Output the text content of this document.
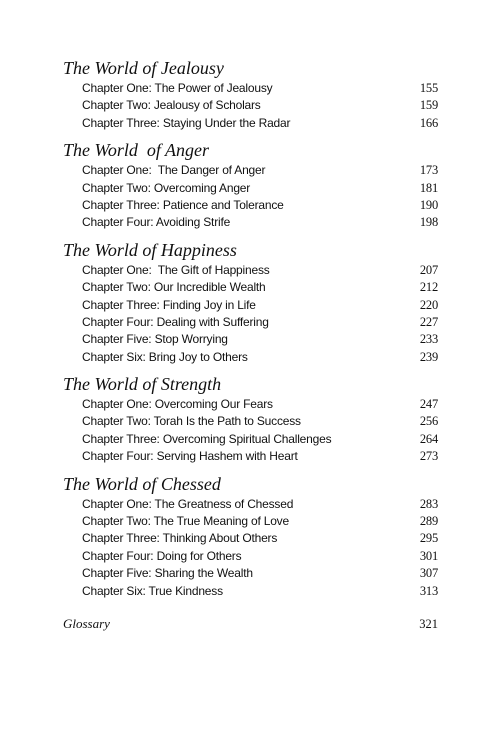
The World of Jealousy
Chapter One: The Power of Jealousy	155
Chapter Two: Jealousy of Scholars	159
Chapter Three: Staying Under the Radar	166
The World  of Anger
Chapter One:  The Danger of Anger	173
Chapter Two: Overcoming Anger	181
Chapter Three: Patience and Tolerance	190
Chapter Four: Avoiding Strife	198
The World of Happiness
Chapter One:  The Gift of Happiness	207
Chapter Two: Our Incredible Wealth	212
Chapter Three: Finding Joy in Life	220
Chapter Four: Dealing with Suffering	227
Chapter Five: Stop Worrying	233
Chapter Six: Bring Joy to Others	239
The World of Strength
Chapter One: Overcoming Our Fears	247
Chapter Two: Torah Is the Path to Success	256
Chapter Three: Overcoming Spiritual Challenges	264
Chapter Four: Serving Hashem with Heart	273
The World of Chessed
Chapter One: The Greatness of Chessed	283
Chapter Two: The True Meaning of Love	289
Chapter Three: Thinking About Others	295
Chapter Four: Doing for Others	301
Chapter Five: Sharing the Wealth	307
Chapter Six: True Kindness	313
Glossary	321
